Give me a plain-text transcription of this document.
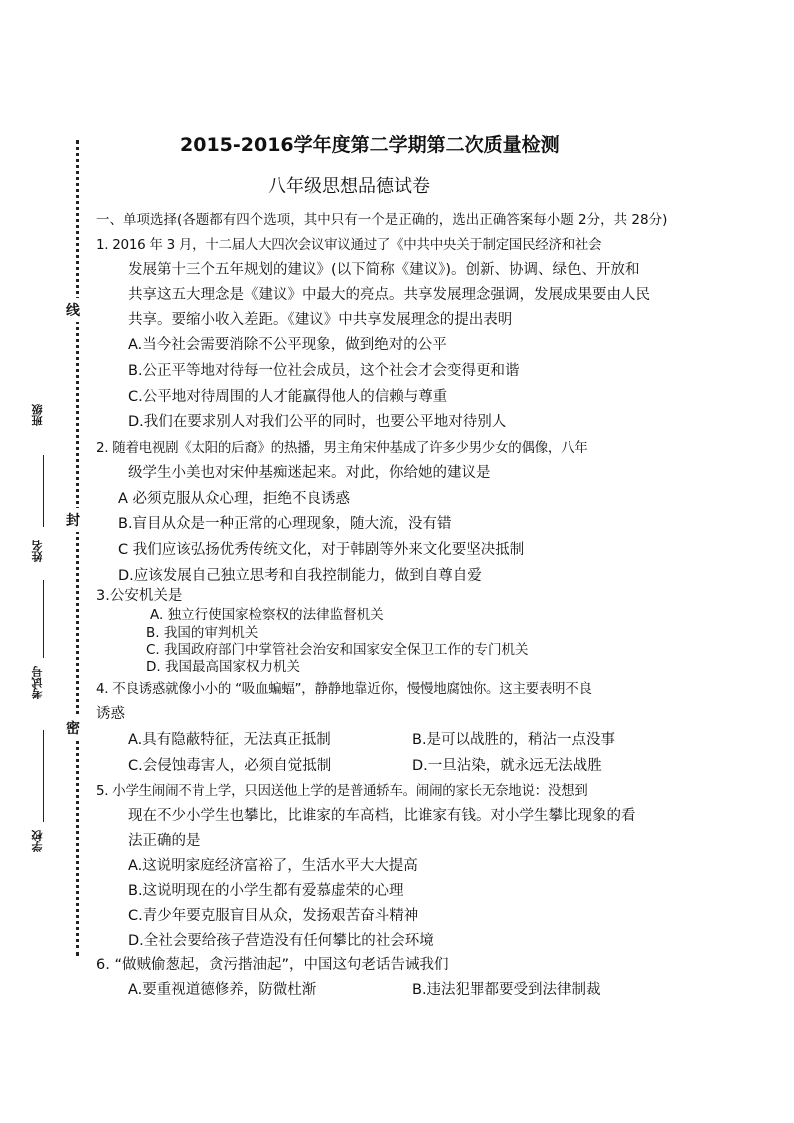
2015-2016学年度第二学期第二次质量检测
八年级思想品德试卷
一、单项选择(各题都有四个选项，其中只有一个是正确的，选出正确答案每小题 2分，共 28分)
线
封
密
班级
姓名
考试号
学校
1. 2016 年 3 月，十二届人大四次会议审议通过了《中共中央关于制定国民经济和社会
发展第十三个五年规划的建议》(以下简称《建议》)。创新、协调、绿色、开放和
共享这五大理念是《建议》中最大的亮点。共享发展理念强调，发展成果要由人民
共享。要缩小收入差距。《建议》中共享发展理念的提出表明
A.当今社会需要消除不公平现象，做到绝对的公平
B.公正平等地对待每一位社会成员，这个社会才会变得更和谐
C.公平地对待周围的人才能赢得他人的信赖与尊重
D.我们在要求别人对我们公平的同时，也要公平地对待别人
2. 随着电视剧《太阳的后裔》的热播，男主角宋仲基成了许多少男少女的偶像，八年
级学生小美也对宋仲基痴迷起来。对此，你给她的建议是
A 必须克服从众心理，拒绝不良诱惑
B.盲目从众是一种正常的心理现象，随大流，没有错
C 我们应该弘扬优秀传统文化，对于韩剧等外来文化要坚决抵制
D.应该发展自己独立思考和自我控制能力，做到自尊自爱
3.公安机关是
A. 独立行使国家检察权的法律监督机关
B. 我国的审判机关
C. 我国政府部门中掌管社会治安和国家安全保卫工作的专门机关
D. 我国最高国家权力机关
4. 不良诱惑就像小小的 “吸血蝙蝠”，静静地靠近你，慢慢地腐蚀你。这主要表明不良
诱惑
A.具有隐蔽特征，无法真正抵制	B.是可以战胜的，稍沾一点没事
C.会侵蚀毒害人，必须自觉抵制	D.一旦沾染，就永远无法战胜
5. 小学生闹闹不肯上学，只因送他上学的是普通轿车。闹闹的家长无奈地说：没想到
现在不少小学生也攀比，比谁家的车高档，比谁家有钱。对小学生攀比现象的看
法正确的是
A.这说明家庭经济富裕了，生活水平大大提高
B.这说明现在的小学生都有爱慕虚荣的心理
C.青少年要克服盲目从众，发扬艰苦奋斗精神
D.全社会要给孩子营造没有任何攀比的社会环境
6. “做贼偷葱起，贪污揩油起”，中国这句老话告诫我们
A.要重视道德修养，防微杜渐	B.违法犯罪都要受到法律制裁
